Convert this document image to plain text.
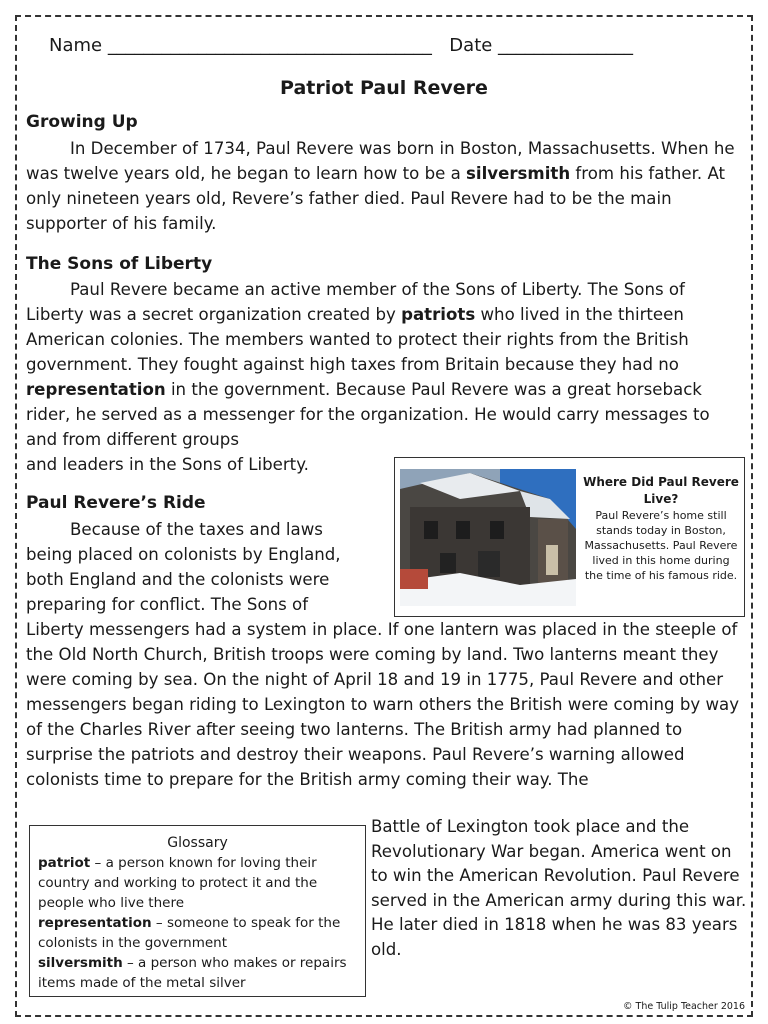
Name ____________________________________ Date _______________
Patriot Paul Revere
Growing Up
In December of 1734, Paul Revere was born in Boston, Massachusetts. When he was twelve years old, he began to learn how to be a silversmith from his father. At only nineteen years old, Revere’s father died. Paul Revere had to be the main supporter of his family.
The Sons of Liberty
Paul Revere became an active member of the Sons of Liberty. The Sons of Liberty was a secret organization created by patriots who lived in the thirteen American colonies. The members wanted to protect their rights from the British government. They fought against high taxes from Britain because they had no representation in the government. Because Paul Revere was a great horseback rider, he served as a messenger for the organization. He would carry messages to and from different groups
and leaders in the Sons of Liberty.
Where Did Paul Revere Live?
Paul Revere’s home still stands today in Boston, Massachusetts. Paul Revere lived in this home during the time of his famous ride.
Paul Revere’s Ride
Because of the taxes and laws
being placed on colonists by England,
both England and the colonists were
preparing for conflict. The Sons of
Liberty messengers had a system in place. If one lantern was placed in the steeple of the Old North Church, British troops were coming by land. Two lanterns meant they were coming by sea. On the night of April 18 and 19 in 1775, Paul Revere and other messengers began riding to Lexington to warn others the British were coming by way of the Charles River after seeing two lanterns. The British army had planned to surprise the patriots and destroy their weapons. Paul Revere’s warning allowed colonists time to prepare for the British army coming their way. The
Glossary
patriot – a person known for loving their country and working to protect it and the people who live there
representation – someone to speak for the colonists in the government
silversmith – a person who makes or repairs items made of the metal silver
Battle of Lexington took place and the Revolutionary War began. America went on to win the American Revolution. Paul Revere served in the American army during this war. He later died in 1818 when he was 83 years old.
© The Tulip Teacher 2016
